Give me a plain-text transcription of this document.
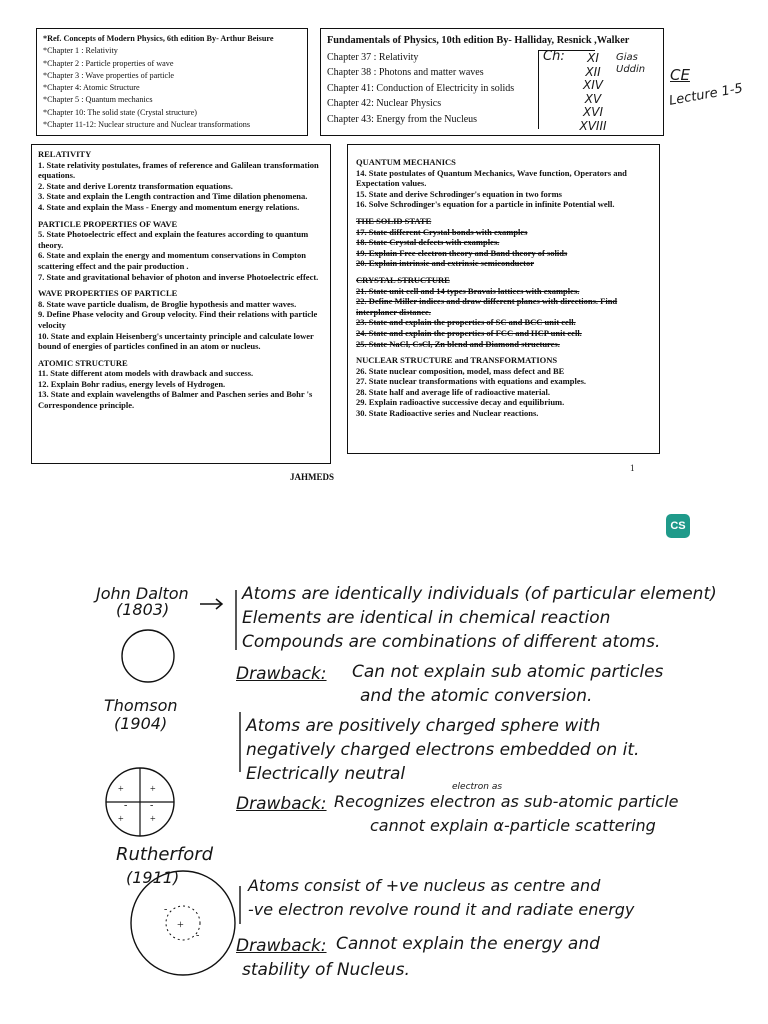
*Ref. Concepts of Modern Physics, 6th edition By- Arthur Beisure
*Chapter 1 : Relativity
*Chapter 2 : Particle properties of wave
*Chapter 3 : Wave properties of particle
*Chapter 4: Atomic Structure
*Chapter 5 : Quantum mechanics
*Chapter 10: The solid state (Crystal structure)
*Chapter 11-12: Nuclear structure and Nuclear transformations
Fundamentals of Physics, 10th edition By- Halliday, Resnick ,Walker
Chapter 37 : Relativity
Chapter 38 : Photons and matter waves
Chapter 41: Conduction of Electricity in solids
Chapter 42: Nuclear Physics
Chapter 43: Energy from the Nucleus
Ch:	XI
XII
XIV
XV
XVI
XVIII
Gias Uddin	CE
Lecture 1-5
RELATIVITY
1. State relativity postulates, frames of reference and Galilean transformation equations.
2. State and derive Lorentz transformation equations.
3. State and explain the Length contraction and Time dilation phenomena.
4. State and explain the Mass - Energy and momentum energy relations.
PARTICLE PROPERTIES OF WAVE
5. State Photoelectric effect and explain the features according to quantum theory.
6. State and explain the energy and momentum conservations in Compton scattering effect and the pair production .
7. State and gravitational behavior of photon and inverse Photoelectric effect.
WAVE PROPERTIES OF PARTICLE
8. State wave particle dualism, de Broglie hypothesis and matter waves.
9. Define Phase velocity and Group velocity. Find their relations with particle velocity
10. State and explain Heisenberg's uncertainty principle and calculate lower bound of energies of particles confined in an atom or nucleus.
ATOMIC STRUCTURE
11. State different atom models with drawback and success.
12. Explain Bohr radius, energy levels of Hydrogen.
13. State and explain wavelengths of Balmer and Paschen series and Bohr 's Correspondence principle.
QUANTUM MECHANICS
14. State postulates of Quantum Mechanics, Wave function, Operators and Expectation values.
15. State and derive Schrodinger's equation in two forms
16. Solve Schrodinger's equation for a particle in infinite Potential well.
THE SOLID STATE
17. State different Crystal bonds with examples
18. State Crystal defects with examples.
19. Explain Free electron theory and Band theory of solids
20. Explain intrinsic and extrinsic semiconductor
CRYSTAL STRUCTURE
21. State unit cell and 14 types Bravais lattices with examples.
22. Define Miller indices and draw different planes with directions. Find interplaner distance.
23. State and explain the properties of SC and BCC unit cell.
24. State and explain the properties of FCC and HCP unit cell.
25. State NaCl, CsCl, Zn blend and Diamond structures.
NUCLEAR STRUCTURE and TRANSFORMATIONS
26. State nuclear composition, model, mass defect and BE
27. State nuclear transformations with equations and examples.
28. State half and average life of radioactive material.
29. Explain radioactive successive decay and equilibrium.
30. State Radioactive series and Nuclear reactions.
JAHMEDS
1
CS
+	+
+	+
- -
+
-
-
John Dalton
(1803)
Atoms are identically individuals (of particular element)
Elements are identical in chemical reaction
Compounds are combinations of different atoms.
Drawback: Can not explain sub atomic particles
and the atomic conversion.
Thomson
(1904)	Atoms are positively charged sphere with
negatively charged electrons embedded on it.
Electrically neutral
electron as
Drawback: Recognizes electron as sub-atomic particle
cannot explain α-particle scattering
Rutherford
(1911)	Atoms consist of +ve nucleus as centre and
-ve electron revolve round it and radiate energy
Drawback: Cannot explain the energy and
stability of Nucleus.
